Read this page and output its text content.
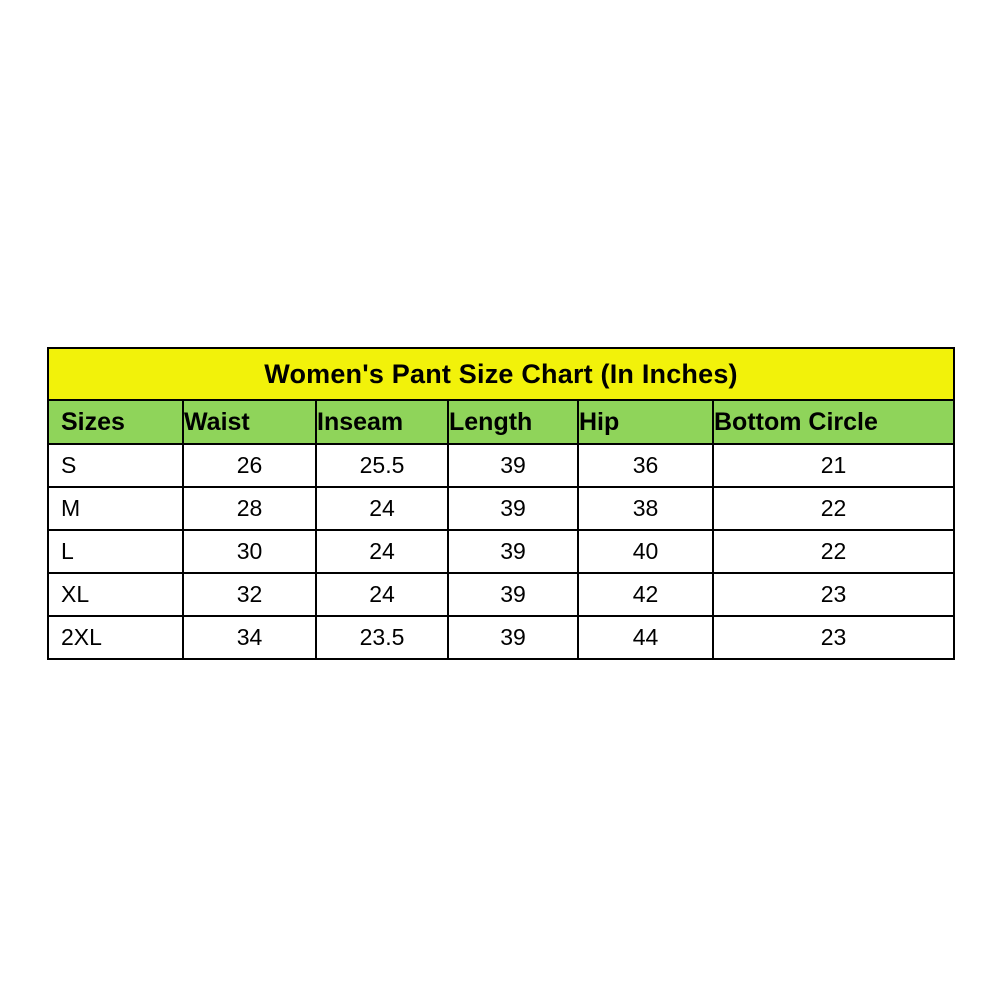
Women's Pant Size Chart (In Inches)					
Sizes	Waist	Inseam	Length	Hip	Bottom Circle
S	26	25.5	39	36	21
M	28	24	39	38	22
L	30	24	39	40	22
XL	32	24	39	42	23
2XL	34	23.5	39	44	23
